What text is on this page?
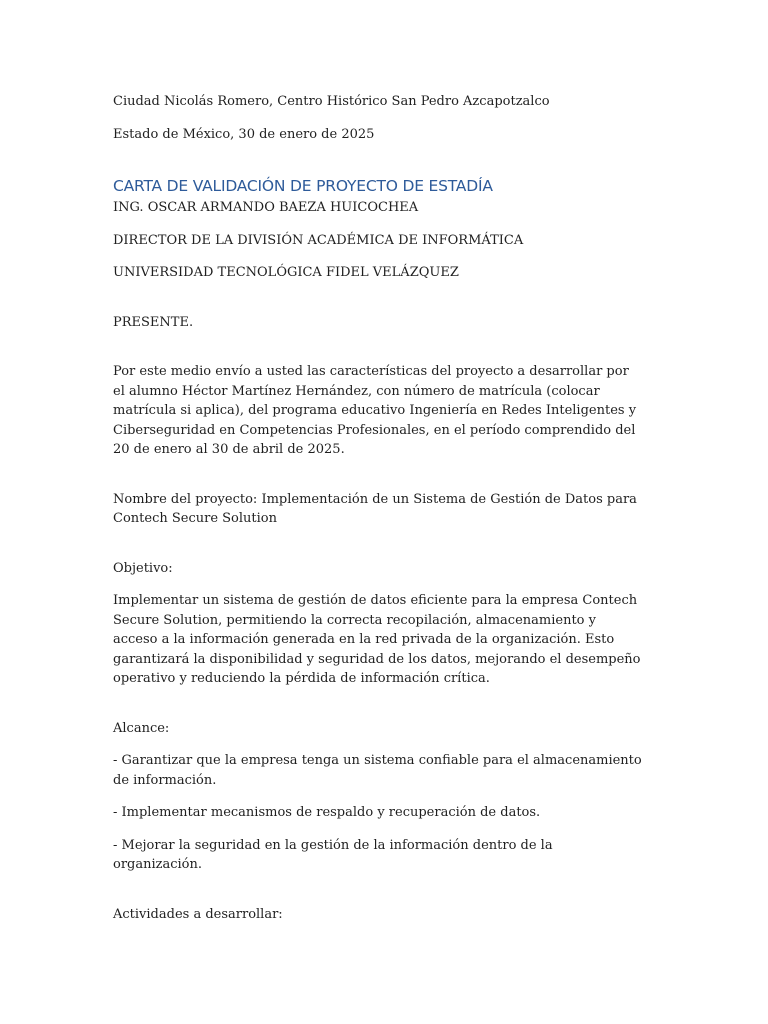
Ciudad Nicolás Romero, Centro Histórico San Pedro Azcapotzalco

Estado de México, 30 de enero de 2025

CARTA DE VALIDACIÓN DE PROYECTO DE ESTADÍA

ING. OSCAR ARMANDO BAEZA HUICOCHEA

DIRECTOR DE LA DIVISIÓN ACADÉMICA DE INFORMÁTICA

UNIVERSIDAD TECNOLÓGICA FIDEL VELÁZQUEZ

PRESENTE.

Por este medio envío a usted las características del proyecto a desarrollar por el alumno Héctor Martínez Hernández, con número de matrícula (colocar matrícula si aplica), del programa educativo Ingeniería en Redes Inteligentes y Ciberseguridad en Competencias Profesionales, en el período comprendido del 20 de enero al 30 de abril de 2025.

Nombre del proyecto: Implementación de un Sistema de Gestión de Datos para Contech Secure Solution

Objetivo:

Implementar un sistema de gestión de datos eficiente para la empresa Contech Secure Solution, permitiendo la correcta recopilación, almacenamiento y acceso a la información generada en la red privada de la organización. Esto garantizará la disponibilidad y seguridad de los datos, mejorando el desempeño operativo y reduciendo la pérdida de información crítica.

Alcance:

- Garantizar que la empresa tenga un sistema confiable para el almacenamiento de información.

- Implementar mecanismos de respaldo y recuperación de datos.

- Mejorar la seguridad en la gestión de la información dentro de la organización.

Actividades a desarrollar:
